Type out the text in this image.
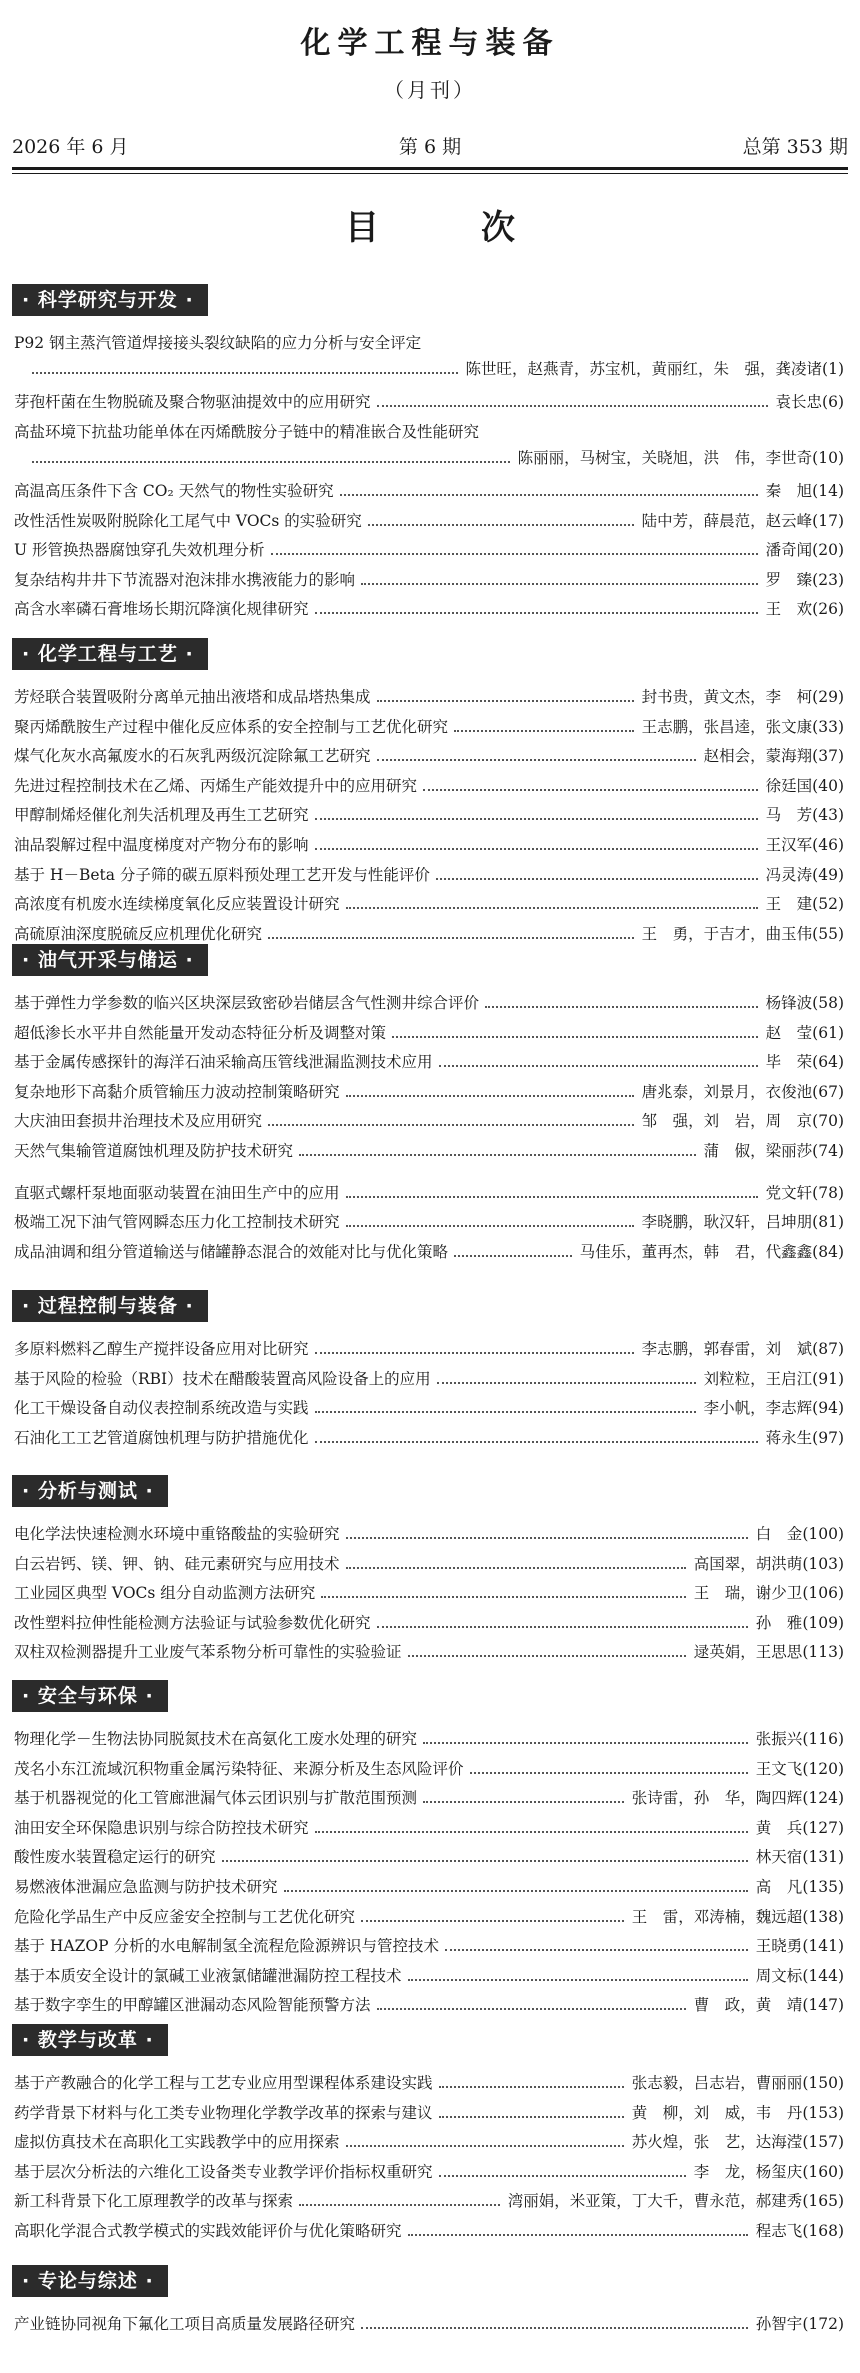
化学工程与装备
（月刊）
2026 年 6 月	第 6 期	总第 353 期
目　次
· 科学研究与开发 ·
P92 钢主蒸汽管道焊接接头裂纹缺陷的应力分析与安全评定
陈世旺，赵燕青，苏宝机，黄丽红，朱　强，龚凌诸(1)
芽孢杆菌在生物脱硫及聚合物驱油提效中的应用研究	袁长忠(6)
高盐环境下抗盐功能单体在丙烯酰胺分子链中的精准嵌合及性能研究
陈丽丽，马树宝，关晓旭，洪　伟，李世奇(10)
高温高压条件下含 CO₂ 天然气的物性实验研究	秦　旭(14)
改性活性炭吸附脱除化工尾气中 VOCs 的实验研究	陆中芳，薛晨范，赵云峰(17)
U 形管换热器腐蚀穿孔失效机理分析	潘奇闻(20)
复杂结构井井下节流器对泡沫排水携液能力的影响	罗　臻(23)
高含水率磷石膏堆场长期沉降演化规律研究	王　欢(26)
· 化学工程与工艺 ·
芳烃联合装置吸附分离单元抽出液塔和成品塔热集成	封书贵，黄文杰，李　柯(29)
聚丙烯酰胺生产过程中催化反应体系的安全控制与工艺优化研究	王志鹏，张昌逵，张文康(33)
煤气化灰水高氟废水的石灰乳两级沉淀除氟工艺研究	赵相会，蒙海翔(37)
先进过程控制技术在乙烯、丙烯生产能效提升中的应用研究	徐廷国(40)
甲醇制烯烃催化剂失活机理及再生工艺研究	马　芳(43)
油品裂解过程中温度梯度对产物分布的影响	王汉军(46)
基于 H－Beta 分子筛的碳五原料预处理工艺开发与性能评价	冯灵涛(49)
高浓度有机废水连续梯度氧化反应装置设计研究	王　建(52)
高硫原油深度脱硫反应机理优化研究	王　勇，于吉才，曲玉伟(55)
· 油气开采与储运 ·
基于弹性力学参数的临兴区块深层致密砂岩储层含气性测井综合评价	杨锋波(58)
超低渗长水平井自然能量开发动态特征分析及调整对策	赵　莹(61)
基于金属传感探针的海洋石油采输高压管线泄漏监测技术应用	毕　荣(64)
复杂地形下高黏介质管输压力波动控制策略研究	唐兆泰，刘景月，衣俊池(67)
大庆油田套损井治理技术及应用研究	邹　强，刘　岩，周　京(70)
天然气集输管道腐蚀机理及防护技术研究	蒲　俶，梁丽莎(74)
直驱式螺杆泵地面驱动装置在油田生产中的应用	党文轩(78)
极端工况下油气管网瞬态压力化工控制技术研究	李晓鹏，耿汉轩，吕坤朋(81)
成品油调和组分管道输送与储罐静态混合的效能对比与优化策略	马佳乐，董再杰，韩　君，代鑫鑫(84)
· 过程控制与装备 ·
多原料燃料乙醇生产搅拌设备应用对比研究	李志鹏，郭春雷，刘　斌(87)
基于风险的检验（RBI）技术在醋酸装置高风险设备上的应用	刘粒粒，王启江(91)
化工干燥设备自动仪表控制系统改造与实践	李小帆，李志辉(94)
石油化工工艺管道腐蚀机理与防护措施优化	蒋永生(97)
· 分析与测试 ·
电化学法快速检测水环境中重铬酸盐的实验研究	白　金(100)
白云岩钙、镁、钾、钠、硅元素研究与应用技术	高国翠，胡洪萌(103)
工业园区典型 VOCs 组分自动监测方法研究	王　瑞，谢少卫(106)
改性塑料拉伸性能检测方法验证与试验参数优化研究	孙　雅(109)
双柱双检测器提升工业废气苯系物分析可靠性的实验验证	逯英娟，王思思(113)
· 安全与环保 ·
物理化学－生物法协同脱氮技术在高氨化工废水处理的研究	张振兴(116)
茂名小东江流域沉积物重金属污染特征、来源分析及生态风险评价	王文飞(120)
基于机器视觉的化工管廊泄漏气体云团识别与扩散范围预测	张诗雷，孙　华，陶四辉(124)
油田安全环保隐患识别与综合防控技术研究	黄　兵(127)
酸性废水装置稳定运行的研究	林天宿(131)
易燃液体泄漏应急监测与防护技术研究	高　凡(135)
危险化学品生产中反应釜安全控制与工艺优化研究	王　雷，邓涛楠，魏远超(138)
基于 HAZOP 分析的水电解制氢全流程危险源辨识与管控技术	王晓勇(141)
基于本质安全设计的氯碱工业液氯储罐泄漏防控工程技术	周文标(144)
基于数字孪生的甲醇罐区泄漏动态风险智能预警方法	曹　政，黄　靖(147)
· 教学与改革 ·
基于产教融合的化学工程与工艺专业应用型课程体系建设实践	张志毅，吕志岩，曹丽丽(150)
药学背景下材料与化工类专业物理化学教学改革的探索与建议	黄　柳，刘　威，韦　丹(153)
虚拟仿真技术在高职化工实践教学中的应用探索	苏火煌，张　艺，达海滢(157)
基于层次分析法的六维化工设备类专业教学评价指标权重研究	李　龙，杨玺庆(160)
新工科背景下化工原理教学的改革与探索	湾丽娟，米亚策，丁大千，曹永范，郝建秀(165)
高职化学混合式教学模式的实践效能评价与优化策略研究	程志飞(168)
· 专论与综述 ·
产业链协同视角下氟化工项目高质量发展路径研究	孙智宇(172)
